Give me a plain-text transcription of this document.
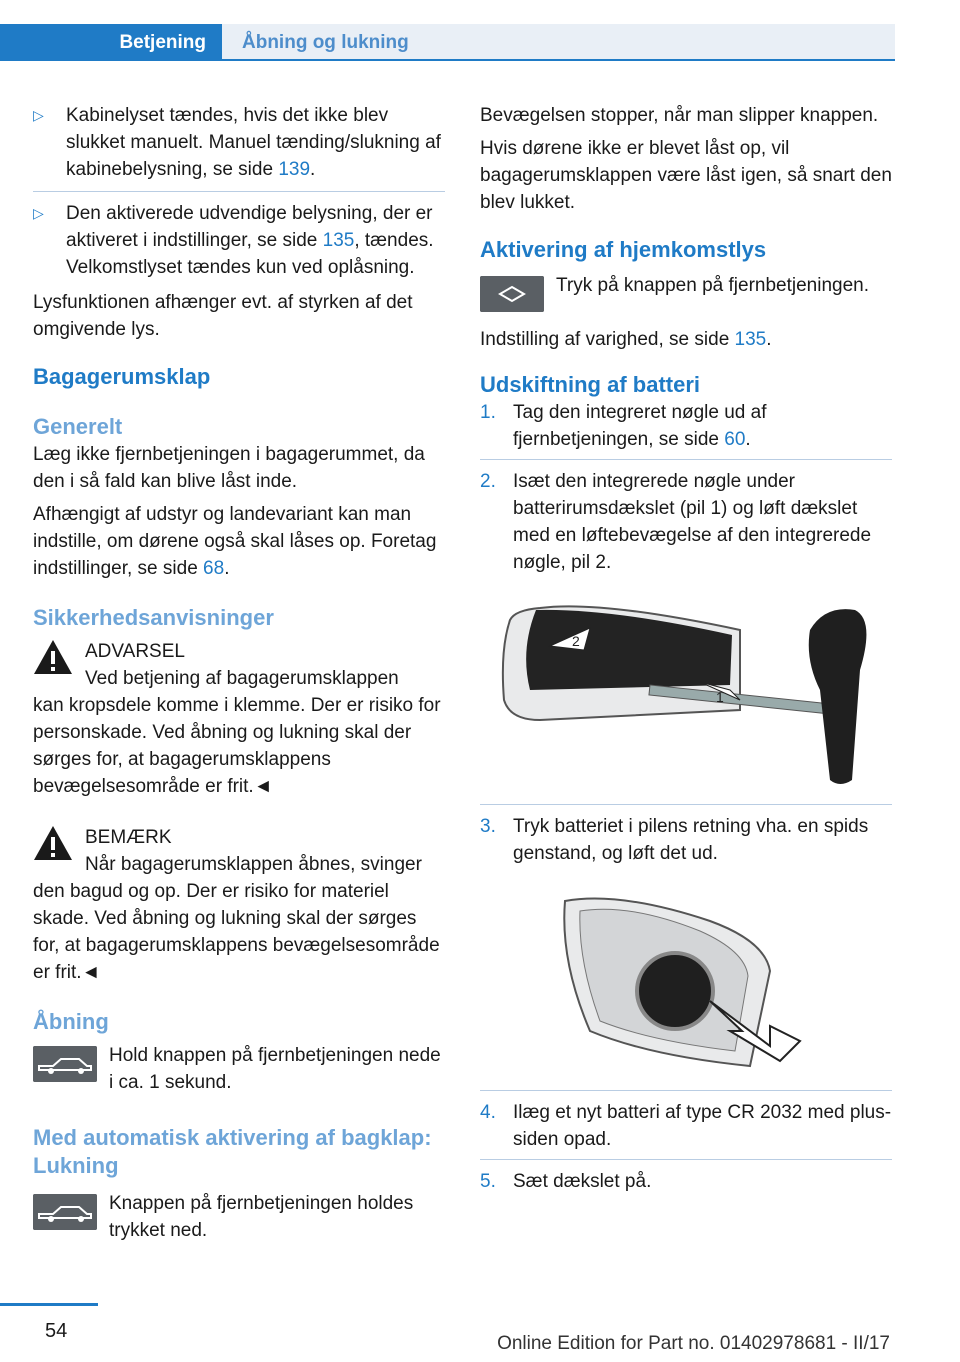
Betjening	Åbning og lukning
▷ Kabinelyset tændes, hvis det ikke blev slukket manuelt. Manuel tænding/slukning af kabinebelysning, se side 139.
▷ Den aktiverede udvendige belysning, der er aktiveret i indstillinger, se side 135, tændes. Velkomstlyset tændes kun ved oplåsning.

Lysfunktionen afhænger evt. af styrken af det omgivende lys.

Bagagerumsklap
Generelt

Læg ikke fjernbetjeningen i bagagerummet, da den i så fald kan blive låst inde.

Afhængigt af udstyr og landevariant kan man indstille, om dørene også skal låses op. Foretag indstillinger, se side 68.

Sikkerhedsanvisninger
ADVARSEL
Ved betjening af bagagerumsklappen

kan kropsdele komme i klemme. Der er risiko for personskade. Ved åbning og lukning skal der sørges for, at bagagerumsklappens bevægelsesområde er frit.◄

BEMÆRK
Når bagagerumsklappen åbnes, svinger

den bagud og op. Der er risiko for materiel skade. Ved åbning og lukning skal der sørges for, at bagagerumsklappens bevægelsesområde er frit.◄

Åbning
Hold knappen på fjernbetjeningen nede i ca. 1 sekund.
Med automatisk aktivering af bagklap: Lukning
Knappen på fjernbetjeningen holdes trykket ned.

Bevægelsen stopper, når man slipper knappen.

Hvis dørene ikke er blevet låst op, vil bagagerumsklappen være låst igen, så snart den blev lukket.

Aktivering af hjemkomstlys
Tryk på knappen på fjernbetjeningen.

Indstilling af varighed, se side 135.

Udskiftning af batteri
1. Tag den integreret nøgle ud af fjernbetjeningen, se side 60.
2. Isæt den integrerede nøgle under batterirumsdækslet (pil 1) og løft dækslet med en løftebevægelse af den integrerede nøgle, pil 2.
1
2
3. Tryk batteriet i pilens retning vha. en spids genstand, og løft det ud.
4. Ilæg et nyt batteri af type CR 2032 med plus-siden opad.
5. Sæt dækslet på.
54
Online Edition for Part no. 01402978681 - II/17
